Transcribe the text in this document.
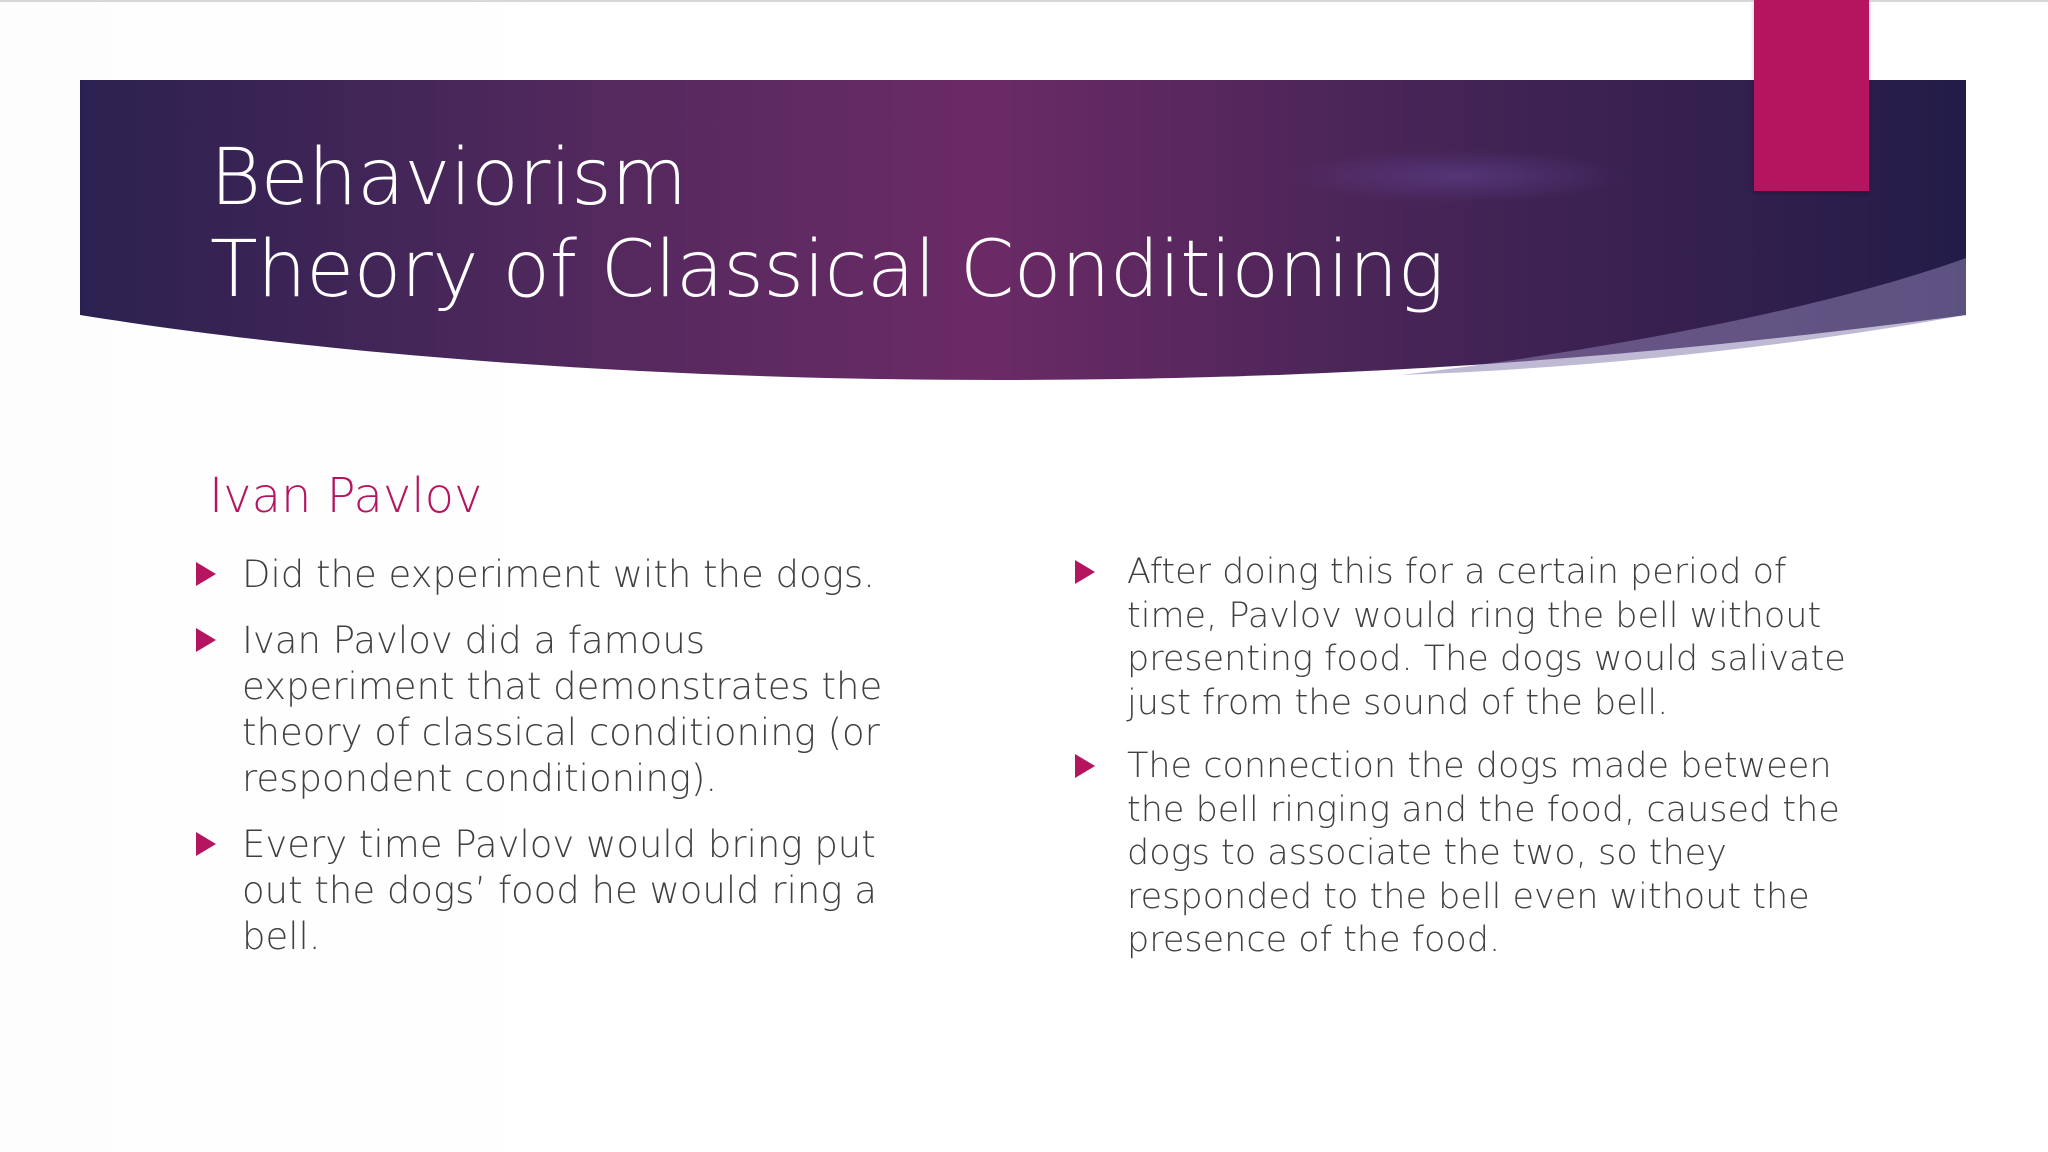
Behaviorism
Theory of Classical Conditioning
Ivan Pavlov
Did the experiment with the dogs.
Ivan Pavlov did a famous experiment that demonstrates the theory of classical conditioning (or respondent conditioning).
Every time Pavlov would bring put out the dogs’ food he would ring a bell.
After doing this for a certain period of time, Pavlov would ring the bell without presenting food. The dogs would salivate just from the sound of the bell.
The connection the dogs made between the bell ringing and the food, caused the dogs to associate the two, so they responded to the bell even without the presence of the food.
